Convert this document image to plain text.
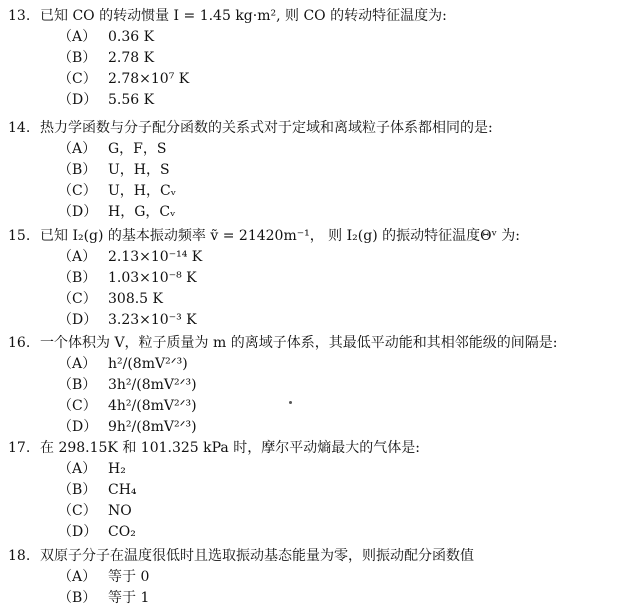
13. 已知 CO 的转动惯量 I = 1.45 kg·m², 则 CO 的转动特征温度为:
（A） 0.36 K
（B） 2.78 K
（C） 2.78×10⁷ K
（D） 5.56 K
14. 热力学函数与分子配分函数的关系式对于定域和离域粒子体系都相同的是:
（A） G，F，S
（B） U，H，S
（C） U，H，Cᵥ
（D） H，G，Cᵥ
15. 已知 I₂(g) 的基本振动频率 ṽ = 21420m⁻¹， 则 I₂(g) 的振动特征温度Θᵛ 为:
（A） 2.13×10⁻¹⁴ K
（B） 1.03×10⁻⁸ K
（C） 308.5 K
（D） 3.23×10⁻³ K
16. 一个体积为 V，粒子质量为 m 的离域子体系，其最低平动能和其相邻能级的间隔是:
（A） h²/(8mV²ᐟ³)
（B） 3h²/(8mV²ᐟ³)
（C） 4h²/(8mV²ᐟ³)
（D） 9h²/(8mV²ᐟ³)
17. 在 298.15K 和 101.325 kPa 时，摩尔平动熵最大的气体是:
（A） H₂
（B） CH₄
（C） NO
（D） CO₂
18. 双原子分子在温度很低时且选取振动基态能量为零，则振动配分函数值
（A） 等于 0
（B） 等于 1
